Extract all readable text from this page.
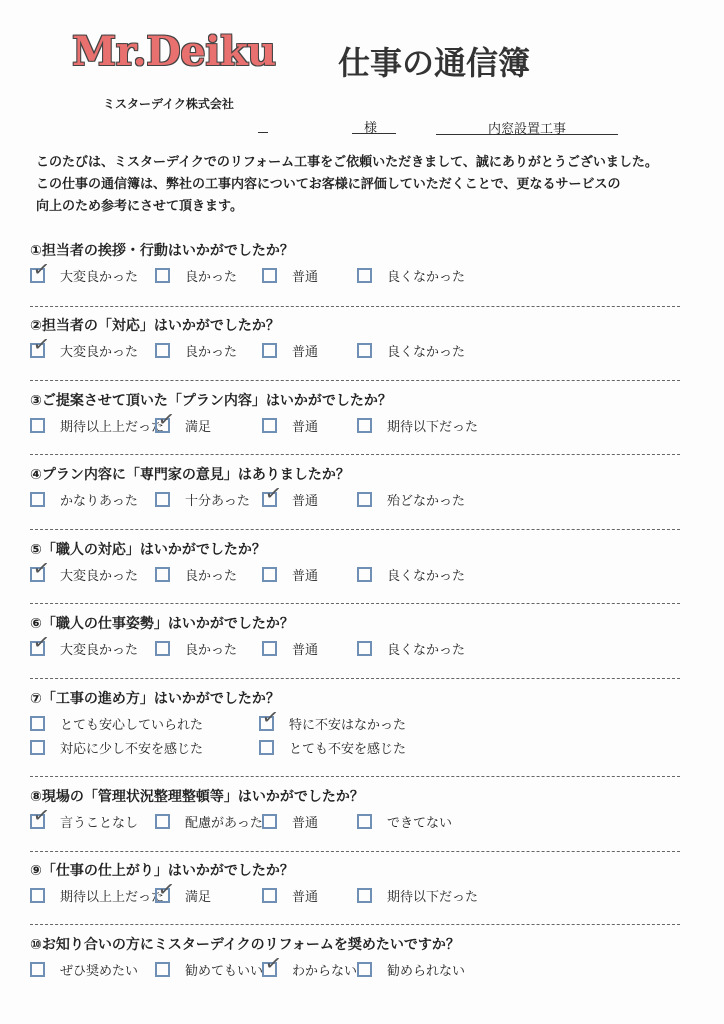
Mr.Deiku 仕事の通信簿
ミスターデイク株式会社
様	内窓設置工事
このたびは、ミスターデイクでのリフォーム工事をご依頼いただきまして、誠にありがとうございました。
この仕事の通信簿は、弊社の工事内容についてお客様に評価していただくことで、更なるサービスの
向上のため参考にさせて頂きます。
①担当者の挨拶・行動はいかがでしたか？
✓ 大変良かった	良かった	普通	良くなかった
②担当者の「対応」はいかがでしたか？
✓ 大変良かった	良かった	普通	良くなかった
③ご提案させて頂いた「プラン内容」はいかがでしたか？
期待以上上だった
✓ 満足	普通	期待以下だった
④プラン内容に「専門家の意見」はありましたか？
かなりあった	十分あった ✓ 普通	殆どなかった
⑤「職人の対応」はいかがでしたか？
✓ 大変良かった	良かった	普通	良くなかった
⑥「職人の仕事姿勢」はいかがでしたか？
✓ 大変良かった	良かった	普通	良くなかった
⑦「工事の進め方」はいかがでしたか？
とても安心していられた	✓ 特に不安はなかった
対応に少し不安を感じた	とても不安を感じた
⑧現場の「管理状況整理整頓等」はいかがでしたか？
✓ 言うことなし	配慮があった 普通	できてない
⑨「仕事の仕上がり」はいかがでしたか？
期待以上上だった
✓ 満足	普通	期待以下だった
⑩お知り合いの方にミスターデイクのリフォームを奨めたいですか？
ぜひ奨めたい	勧めてもいい ✓ わからない 勧められない
